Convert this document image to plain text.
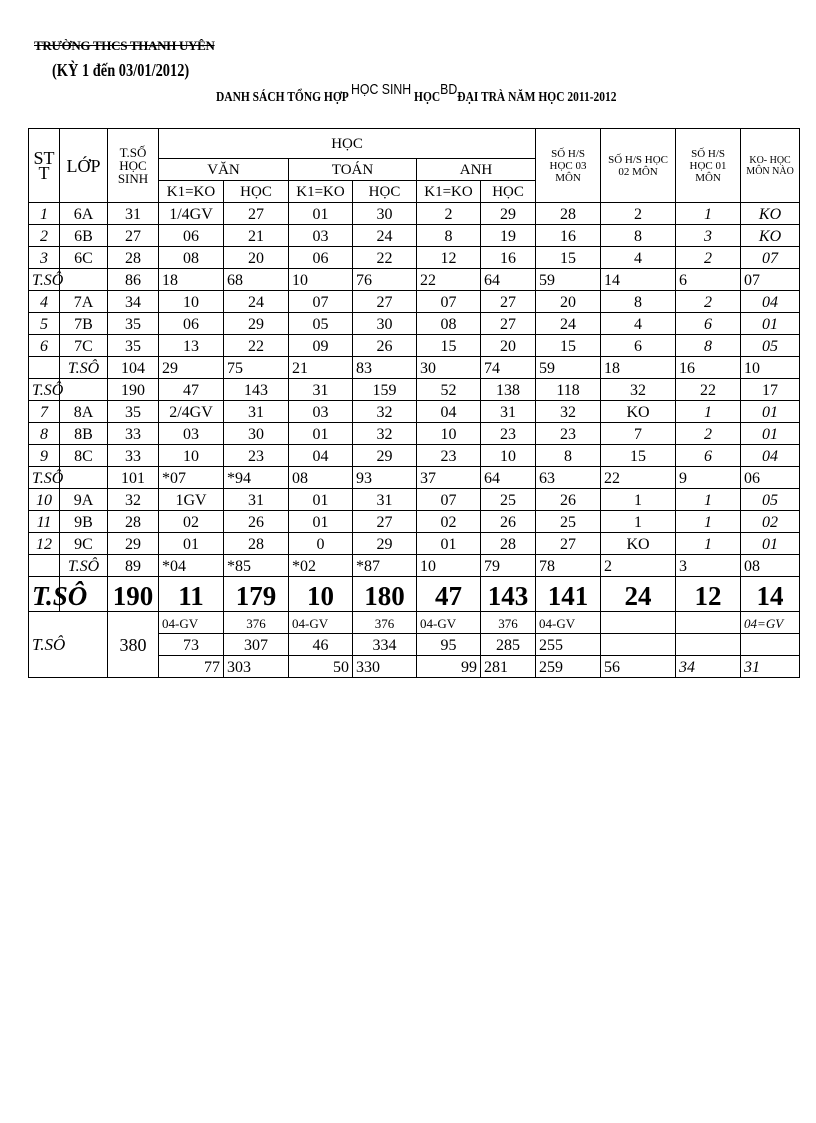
TRƯỜNG THCS THANH UYÊN
(KỲ 1 đến 03/01/2012)
DANH SÁCH TỔNG HỢP HỌC SINH HỌCBDĐẠI TRÀ NĂM HỌC 2011-2012
ST T	LỚP	T.SỐ HỌC SINH	HỌC						SỐ H/S HỌC 03 MÔN	SỐ H/S HỌC 02 MÔN	SỐ H/S HỌC 01 MÔN	KO- HỌC MÔN NÀO
			VĂN		TOÁN		ANH					
			K1=KO	HỌC	K1=KO	HỌC	K1=KO	HỌC				
1	6A	31	1/4GV	27	01	30	2	29	28	2	1	KO
2	6B	27	06	21	03	24	8	19	16	8	3	KO
3	6C	28	08	20	06	22	12	16	15	4	2	07
T.SÔ		86	18	68	10	76	22	64	59	14	6	07
4	7A	34	10	24	07	27	07	27	20	8	2	04
5	7B	35	06	29	05	30	08	27	24	4	6	01
6	7C	35	13	22	09	26	15	20	15	6	8	05
	T.SÔ	104	29	75	21	83	30	74	59	18	16	10
T.SÔ		190	47	143	31	159	52	138	118	32	22	17
7	8A	35	2/4GV	31	03	32	04	31	32	KO	1	01
8	8B	33	03	30	01	32	10	23	23	7	2	01
9	8C	33	10	23	04	29	23	10	8	15	6	04
T.SÔ		101	*07	*94	08	93	37	64	63	22	9	06
10	9A	32	1GV	31	01	31	07	25	26	1	1	05
11	9B	28	02	26	01	27	02	26	25	1	1	02
12	9C	29	01	28	0	29	01	28	27	KO	1	01
	T.SÔ	89	*04	*85	*02	*87	10	79	78	2	3	08
T.SÔ		190	11	179	10	180	47	143	141	24	12	14
T.SÔ		380	04-GV	376	04-GV	376	04-GV	376	04-GV			04=GV
			73	307	46	334	95	285	255			
			77	303	50	330	99	281	259	56	34	31
